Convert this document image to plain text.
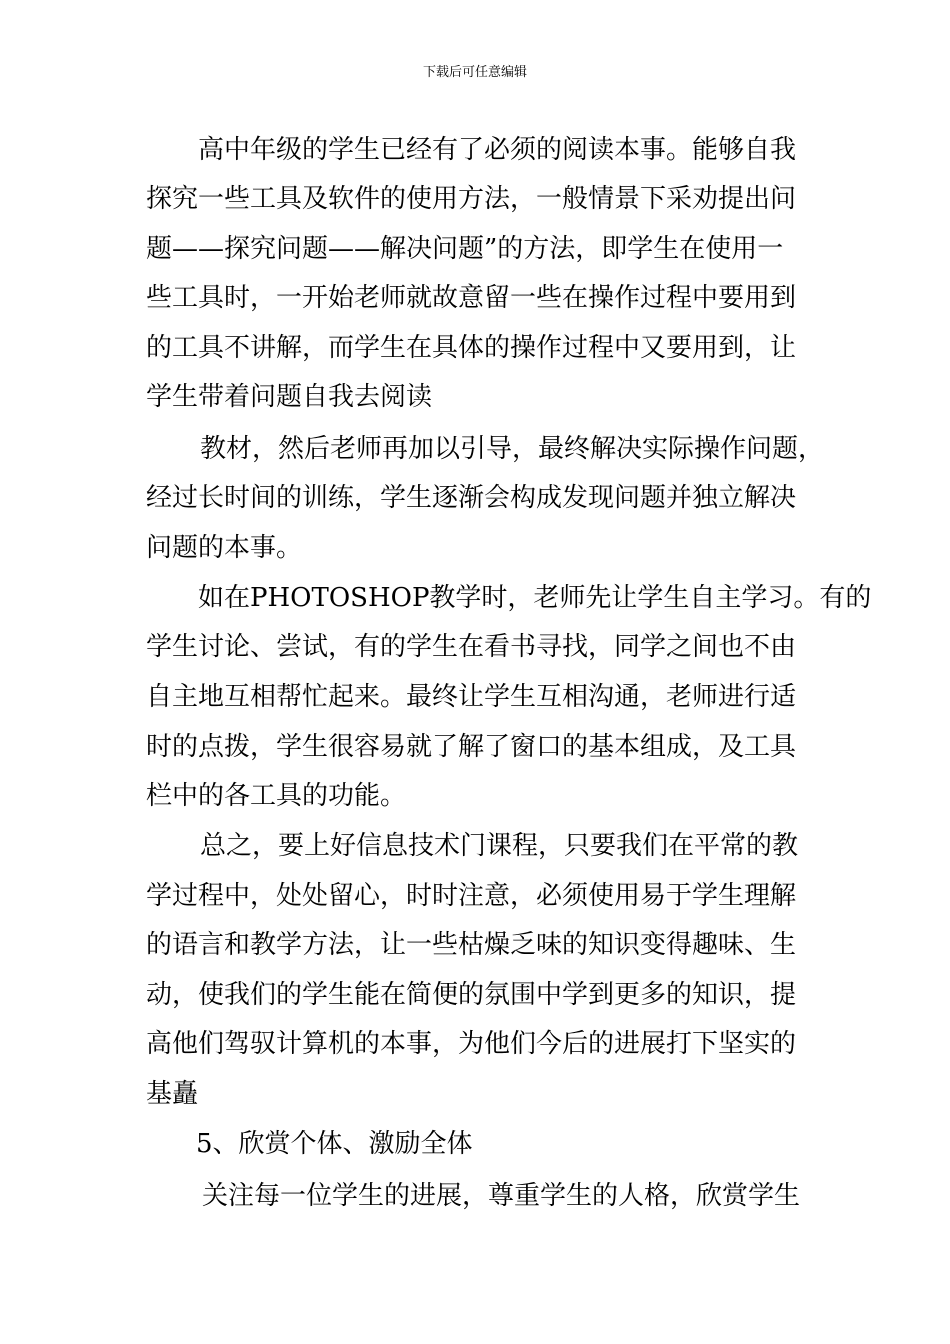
下载后可任意编辑
高中年级的学生已经有了必须的阅读本事。能够自我
探究一些工具及软件的使用方法，一般情景下采劝提出问
题——探究问题——解决问题”的方法，即学生在使用一
些工具时，一开始老师就故意留一些在操作过程中要用到
的工具不讲解，而学生在具体的操作过程中又要用到，让
学生带着问题自我去阅读
教材，然后老师再加以引导，最终解决实际操作问题，
经过长时间的训练，学生逐渐会构成发现问题并独立解决
问题的本事。
如在PHOTOSHOP教学时，老师先让学生自主学习。有的
学生讨论、尝试，有的学生在看书寻找，同学之间也不由
自主地互相帮忙起来。最终让学生互相沟通，老师进行适
时的点拨，学生很容易就了解了窗口的基本组成，及工具
栏中的各工具的功能。
总之，要上好信息技术门课程，只要我们在平常的教
学过程中，处处留心，时时注意，必须使用易于学生理解
的语言和教学方法，让一些枯燥乏味的知识变得趣味、生
动，使我们的学生能在简便的氛围中学到更多的知识，提
高他们驾驭计算机的本事，为他们今后的进展打下坚实的
基矗
5、欣赏个体、激励全体
关注每一位学生的进展，尊重学生的人格，欣赏学生
